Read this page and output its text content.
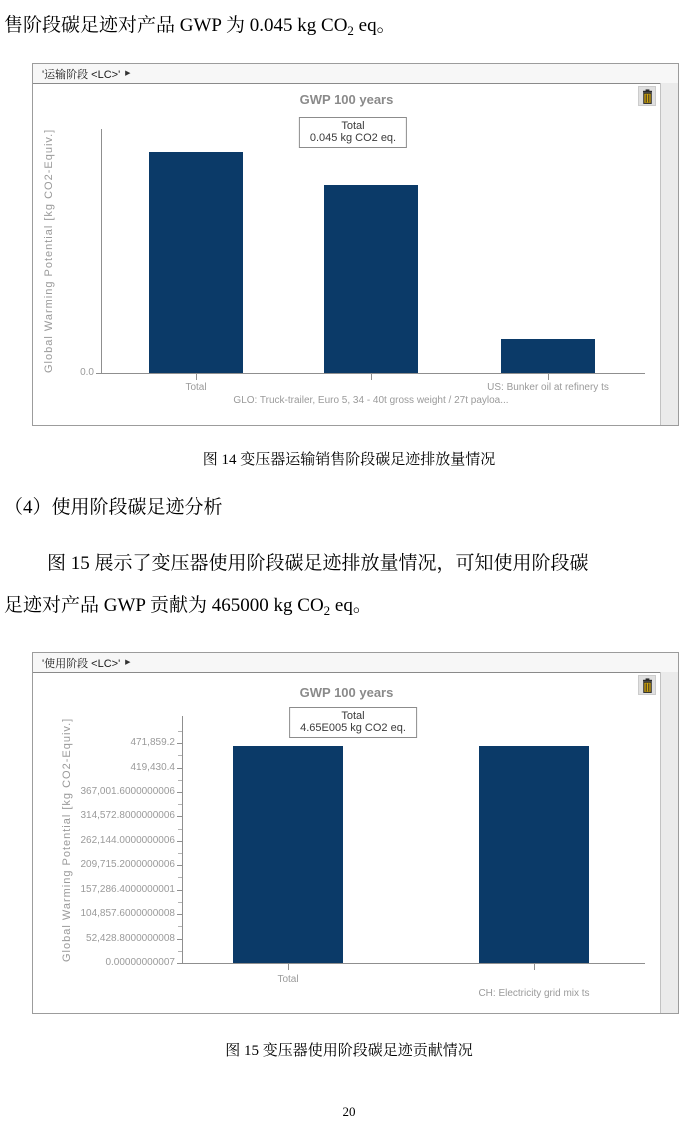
售阶段碳足迹对产品 GWP 为 0.045 kg $CO_2$ eq。
'运输阶段 <LC>' ▶
GWP 100 years
Total
0.045 kg CO2 eq.
Global Warming Potential [kg CO2-Equiv.]	0.0
Total
GLO: Truck-trailer, Euro 5, 34 - 40t gross weight / 27t payloa...
US: Bunker oil at refinery ts
图 14 变压器运输销售阶段碳足迹排放量情况
（4）使用阶段碳足迹分析
图 15 展示了变压器使用阶段碳足迹排放量情况，可知使用阶段碳
足迹对产品 GWP 贡献为 465000 kg $CO_2$ eq。
'使用阶段 <LC>' ▶
GWP 100 years
Total
4.65E005 kg CO2 eq.
Global Warming Potential [kg CO2-Equiv.]
0.00000000007
52,428.8000000008
104,857.6000000008
157,286.4000000001
209,715.2000000006
262,144.0000000006
314,572.8000000006
367,001.6000000006
419,430.4
471,859.2
Total
CH: Electricity grid mix ts
图 15 变压器使用阶段碳足迹贡献情况
20
